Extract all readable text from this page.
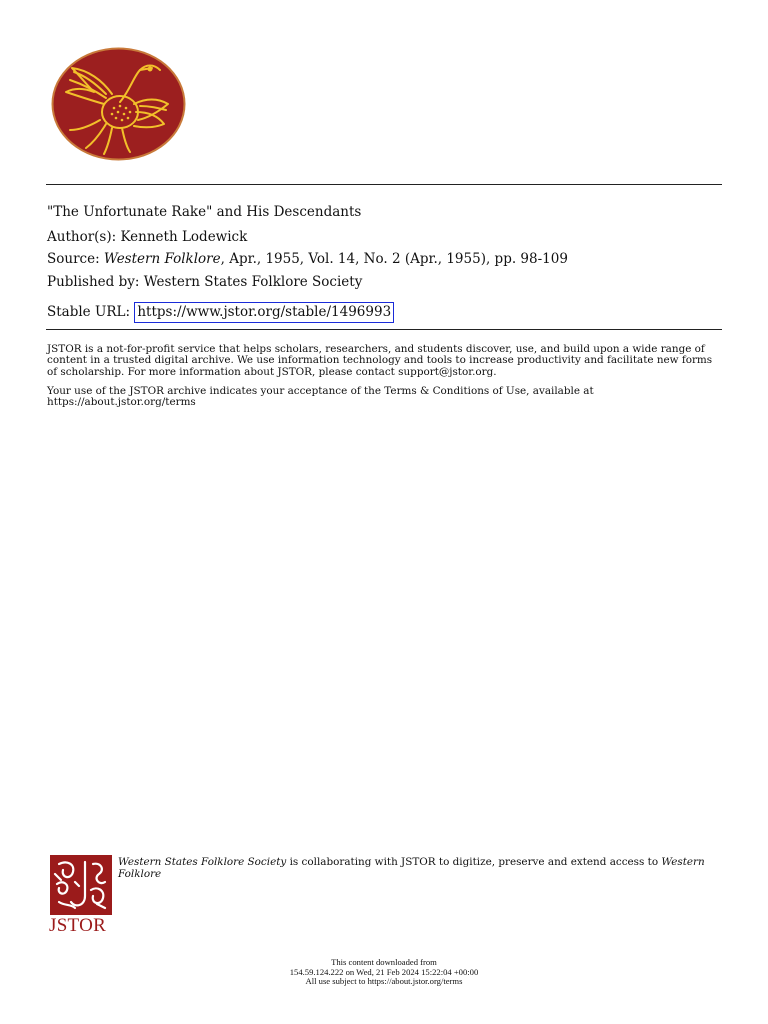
"The Unfortunate Rake" and His Descendants
Author(s): Kenneth Lodewick
Source: Western Folklore, Apr., 1955, Vol. 14, No. 2 (Apr., 1955), pp. 98-109
Published by: Western States Folklore Society
Stable URL: https://www.jstor.org/stable/1496993
JSTOR is a not-for-profit service that helps scholars, researchers, and students discover, use, and build upon a wide range of content in a trusted digital archive. We use information technology and tools to increase productivity and facilitate new forms of scholarship. For more information about JSTOR, please contact support@jstor.org.
Your use of the JSTOR archive indicates your acceptance of the Terms & Conditions of Use, available at https://about.jstor.org/terms
JSTOR
Western States Folklore Society is collaborating with JSTOR to digitize, preserve and extend access to Western Folklore
This content downloaded from
154.59.124.222 on Wed, 21 Feb 2024 15:22:04 +00:00
All use subject to https://about.jstor.org/terms
